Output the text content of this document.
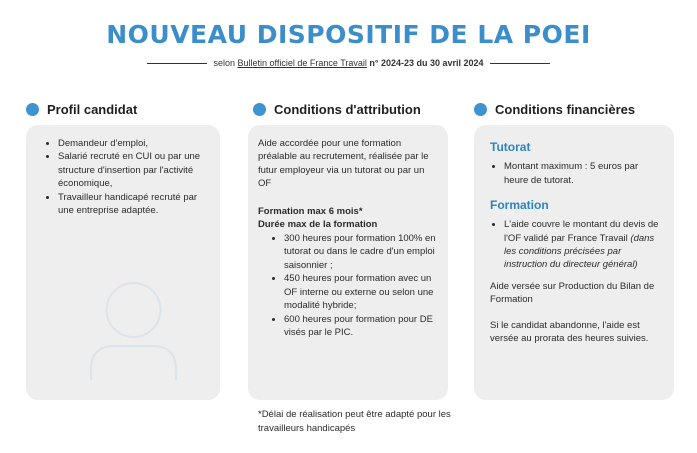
NOUVEAU DISPOSITIF DE LA POEI
selon
Bulletin officiel de France Travail
n° 2024-23 du 30 avril 2024
Profil candidat
• Demandeur d'emploi,
• Salarié recruté en CUI ou par une structure d'insertion par l'activité économique,
• Travailleur handicapé recruté par une entreprise adaptée.
Conditions d'attribution

Aide accordée pour une formation préalable au recrutement, réalisée par le futur employeur via un tutorat ou par un OF

Formation max 6 mois*

Durée max de la formation

• 300 heures pour formation 100% en tutorat ou dans le cadre d'un emploi saisonnier ;
• 450 heures pour formation avec un OF interne ou externe ou selon une modalité hybride;
• 600 heures pour formation pour DE visés par le PIC.
*Délai de réalisation peut être adapté pour les travailleurs handicapés
Conditions financières
Tutorat
• Montant maximum : 5 euros par heure de tutorat.
Formation
• L'aide couvre le montant du devis de l'OF validé par France Travail (dans les conditions précisées par instruction du directeur général)

Aide versée sur Production du Bilan de Formation

Si le candidat abandonne, l'aide est versée au prorata des heures suivies.
